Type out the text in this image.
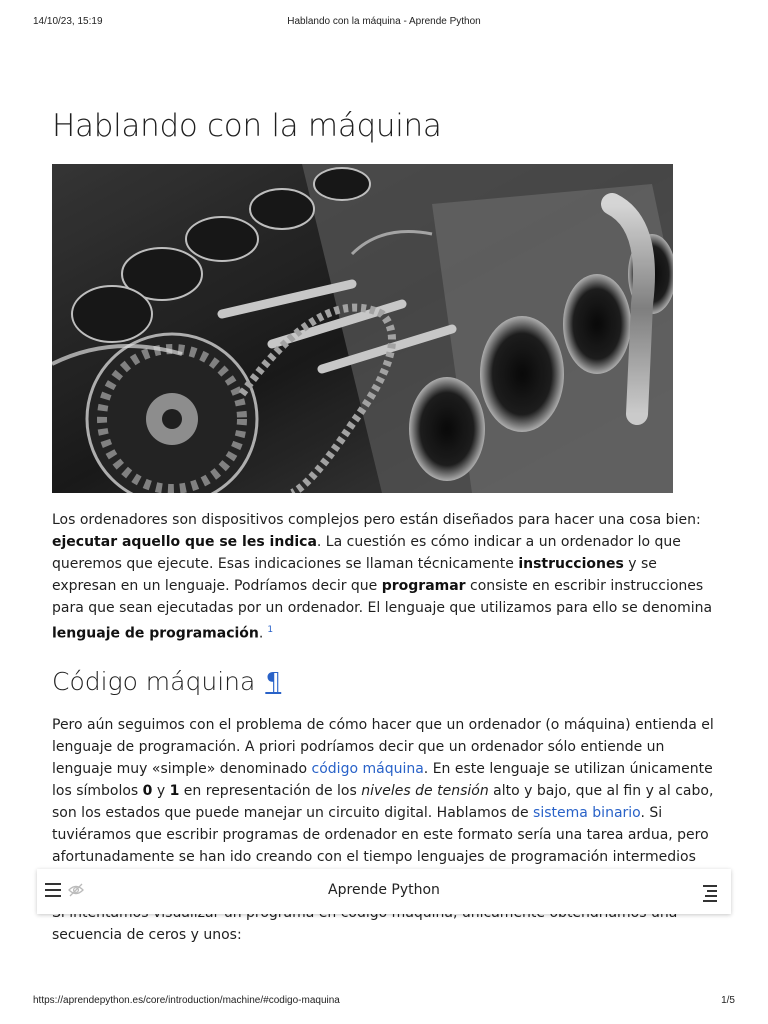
14/10/23, 15:19	Hablando con la máquina - Aprende Python
Hablando con la máquina

Los ordenadores son dispositivos complejos pero están diseñados para hacer una cosa bien: ejecutar aquello que se les indica. La cuestión es cómo indicar a un ordenador lo que queremos que ejecute. Esas indicaciones se llaman técnicamente instrucciones y se expresan en un lenguaje. Podríamos decir que programar consiste en escribir instrucciones para que sean ejecutadas por un ordenador. El lenguaje que utilizamos para ello se denomina lenguaje de programación. $^1$

Código máquina ¶

Pero aún seguimos con el problema de cómo hacer que un ordenador (o máquina) entienda el lenguaje de programación. A priori podríamos decir que un ordenador sólo entiende un lenguaje muy «simple» denominado código máquina. En este lenguaje se utilizan únicamente los símbolos 0 y 1 en representación de los niveles de tensión alto y bajo, que al fin y al cabo, son los estados que puede manejar un circuito digital. Hablamos de sistema binario. Si tuviéramos que escribir programas de ordenador en este formato sería una tarea ardua, pero afortunadamente se han ido creando con el tiempo lenguajes de programación intermedios

secuencia de ceros y unos:

Aprende Python
https://aprendepython.es/core/introduction/machine/#codigo-maquina	1/5
